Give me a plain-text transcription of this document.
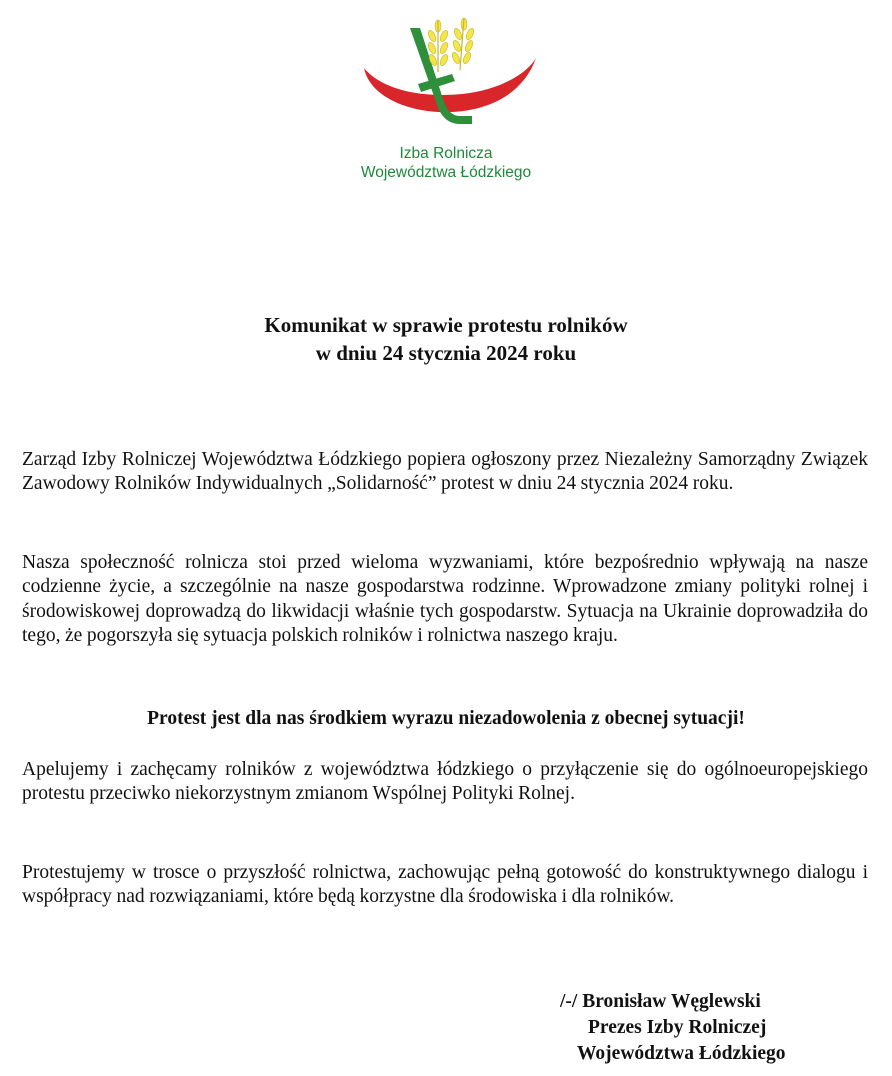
Izba Rolnicza
Województwa Łódzkiego
Komunikat w sprawie protestu rolników
w dniu 24 stycznia 2024 roku
Zarząd Izby Rolniczej Województwa Łódzkiego popiera ogłoszony przez Niezależny Samorządny Związek Zawodowy Rolników Indywidualnych „Solidarność” protest w dniu 24 stycznia 2024 roku.
Nasza społeczność rolnicza stoi przed wieloma wyzwaniami, które bezpośrednio wpływają na nasze codzienne życie, a szczególnie na nasze gospodarstwa rodzinne. Wprowadzone zmiany polityki rolnej i środowiskowej doprowadzą do likwidacji właśnie tych gospodarstw. Sytuacja na Ukrainie doprowadziła do tego, że pogorszyła się sytuacja polskich rolników i rolnictwa naszego kraju.
Protest jest dla nas środkiem wyrazu niezadowolenia z obecnej sytuacji!
Apelujemy i zachęcamy rolników z województwa łódzkiego o przyłączenie się do ogólnoeuropejskiego protestu przeciwko niekorzystnym zmianom Wspólnej Polityki Rolnej.
Protestujemy w trosce o przyszłość rolnictwa, zachowując pełną gotowość do konstruktywnego dialogu i współpracy nad rozwiązaniami, które będą korzystne dla środowiska i dla rolników.
/-/ Bronisław Węglewski
Prezes Izby Rolniczej
Województwa Łódzkiego
